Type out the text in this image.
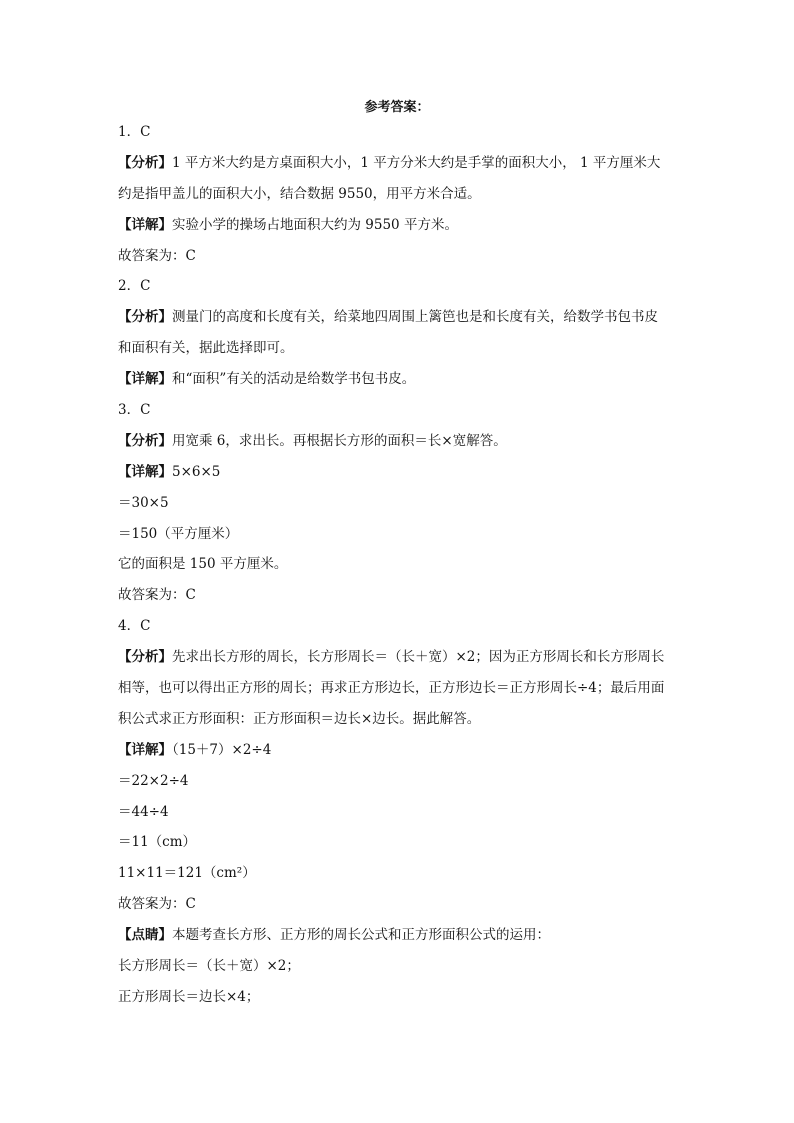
参考答案：
1．C
【分析】1 平方米大约是方桌面积大小，1 平方分米大约是手掌的面积大小， 1 平方厘米大
约是指甲盖儿的面积大小，结合数据 9550，用平方米合适。
【详解】实验小学的操场占地面积大约为 9550 平方米。
故答案为：C
2．C
【分析】测量门的高度和长度有关，给菜地四周围上篱笆也是和长度有关，给数学书包书皮
和面积有关，据此选择即可。
【详解】和“面积”有关的活动是给数学书包书皮。
3．C
【分析】用宽乘 6，求出长。再根据长方形的面积＝长×宽解答。
【详解】5×6×5
＝30×5
＝150（平方厘米）
它的面积是 150 平方厘米。
故答案为：C
4．C
【分析】先求出长方形的周长，长方形周长＝（长＋宽）×2；因为正方形周长和长方形周长
相等，也可以得出正方形的周长；再求正方形边长，正方形边长＝正方形周长÷4；最后用面
积公式求正方形面积：正方形面积＝边长×边长。据此解答。
【详解】（15＋7）×2÷4
＝22×2÷4
＝44÷4
＝11（cm）
11×11＝121（cm²）
故答案为：C
【点睛】本题考查长方形、正方形的周长公式和正方形面积公式的运用：
长方形周长＝（长＋宽）×2；
正方形周长＝边长×4；
